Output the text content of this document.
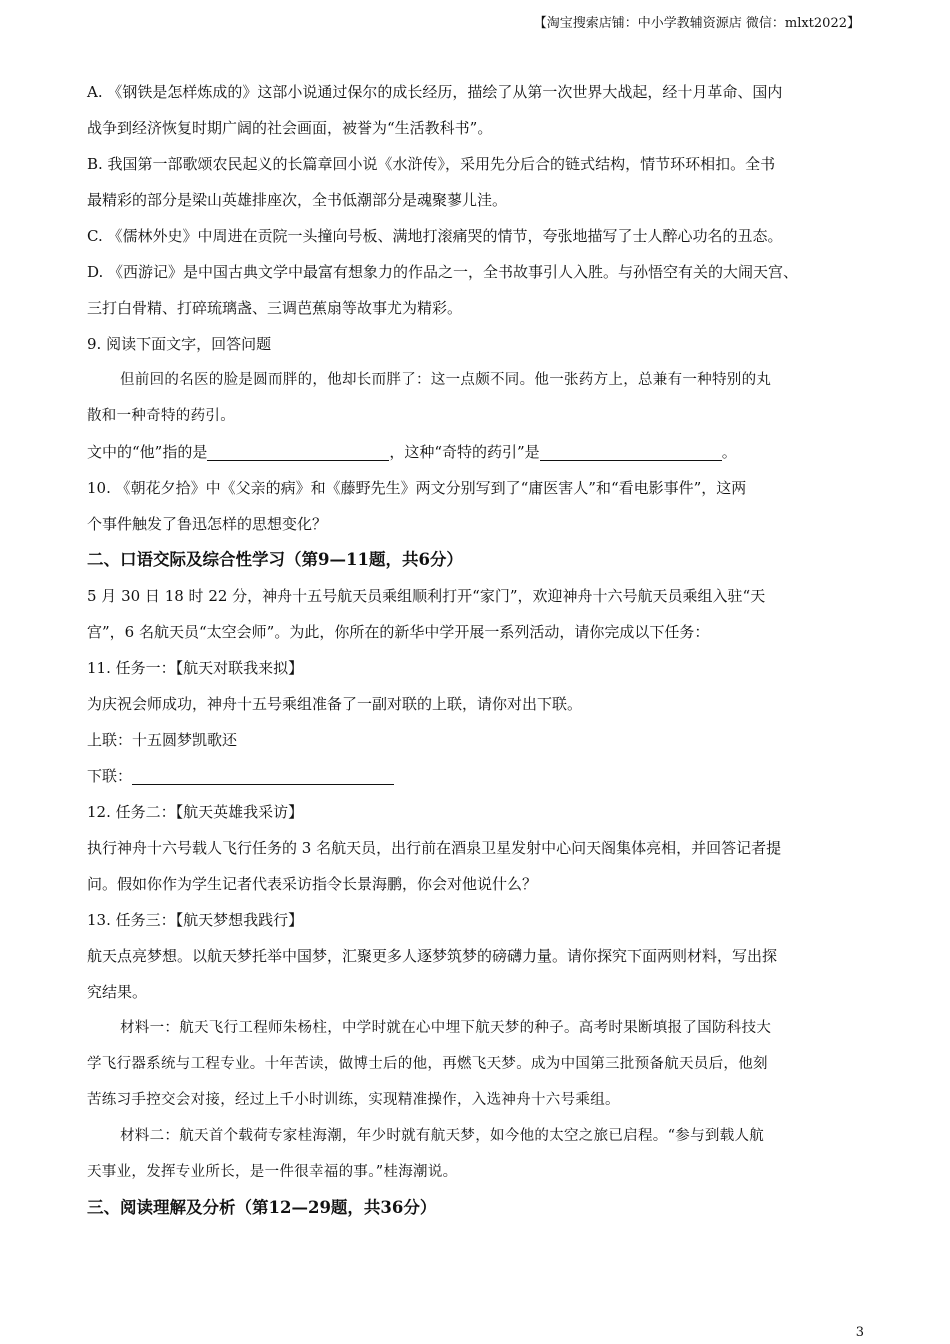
【淘宝搜索店铺：中小学教辅资源店 微信：mlxt2022】
A. 《钢铁是怎样炼成的》这部小说通过保尔的成长经历，描绘了从第一次世界大战起，经十月革命、国内
战争到经济恢复时期广阔的社会画面，被誉为“生活教科书”。
B. 我国第一部歌颂农民起义的长篇章回小说《水浒传》，采用先分后合的链式结构，情节环环相扣。全书
最精彩的部分是梁山英雄排座次，全书低潮部分是魂聚蓼儿洼。
C. 《儒林外史》中周进在贡院一头撞向号板、满地打滚痛哭的情节，夸张地描写了士人醉心功名的丑态。
D. 《西游记》是中国古典文学中最富有想象力的作品之一，全书故事引人入胜。与孙悟空有关的大闹天宫、
三打白骨精、打碎琉璃盏、三调芭蕉扇等故事尤为精彩。
9. 阅读下面文字，回答问题
但前回的名医的脸是圆而胖的，他却长而胖了：这一点颇不同。他一张药方上，总兼有一种特别的丸
散和一种奇特的药引。
文中的“他”指的是	，这种“奇特的药引”是	。
10. 《朝花夕拾》中《父亲的病》和《藤野先生》两文分别写到了“庸医害人”和“看电影事件”，这两
个事件触发了鲁迅怎样的思想变化？
二、口语交际及综合性学习（第9—11题，共6分）
5 月 30 日 18 时 22 分，神舟十五号航天员乘组顺利打开“家门”，欢迎神舟十六号航天员乘组入驻“天
宫”，6 名航天员“太空会师”。为此，你所在的新华中学开展一系列活动，请你完成以下任务：
11. 任务一：【航天对联我来拟】
为庆祝会师成功，神舟十五号乘组准备了一副对联的上联，请你对出下联。
上联：十五圆梦凯歌还
下联：
12. 任务二：【航天英雄我采访】
执行神舟十六号载人飞行任务的 3 名航天员，出行前在酒泉卫星发射中心问天阁集体亮相，并回答记者提
问。假如你作为学生记者代表采访指令长景海鹏，你会对他说什么？
13. 任务三：【航天梦想我践行】
航天点亮梦想。以航天梦托举中国梦，汇聚更多人逐梦筑梦的磅礴力量。请你探究下面两则材料，写出探
究结果。
材料一：航天飞行工程师朱杨柱，中学时就在心中埋下航天梦的种子。高考时果断填报了国防科技大
学飞行器系统与工程专业。十年苦读，做博士后的他，再燃飞天梦。成为中国第三批预备航天员后，他刻
苦练习手控交会对接，经过上千小时训练，实现精准操作，入选神舟十六号乘组。
材料二：航天首个载荷专家桂海潮，年少时就有航天梦，如今他的太空之旅已启程。“参与到载人航
天事业，发挥专业所长，是一件很幸福的事。”桂海潮说。
三、阅读理解及分析（第12—29题，共36分）
3
